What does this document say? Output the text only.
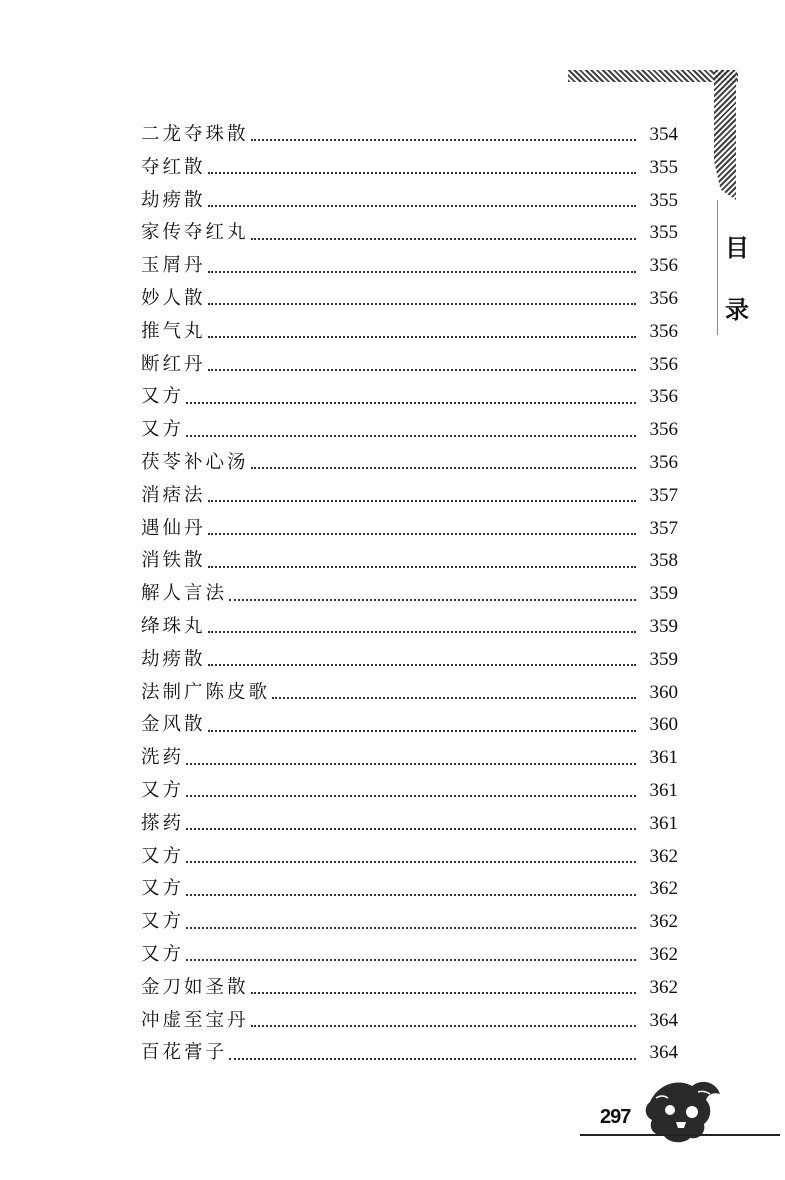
目
录
二龙夺珠散	354
夺红散	355
劫痨散	355
家传夺红丸	355
玉屑丹	356
妙人散	356
推气丸	356
断红丹	356
又方	356
又方	356
茯苓补心汤	356
消痞法	357
遇仙丹	357
消铁散	358
解人言法	359
绛珠丸	359
劫痨散	359
法制广陈皮歌	360
金风散	360
洗药	361
又方	361
搽药	361
又方	362
又方	362
又方	362
又方	362
金刀如圣散	362
冲虚至宝丹	364
百花膏子	364
297
